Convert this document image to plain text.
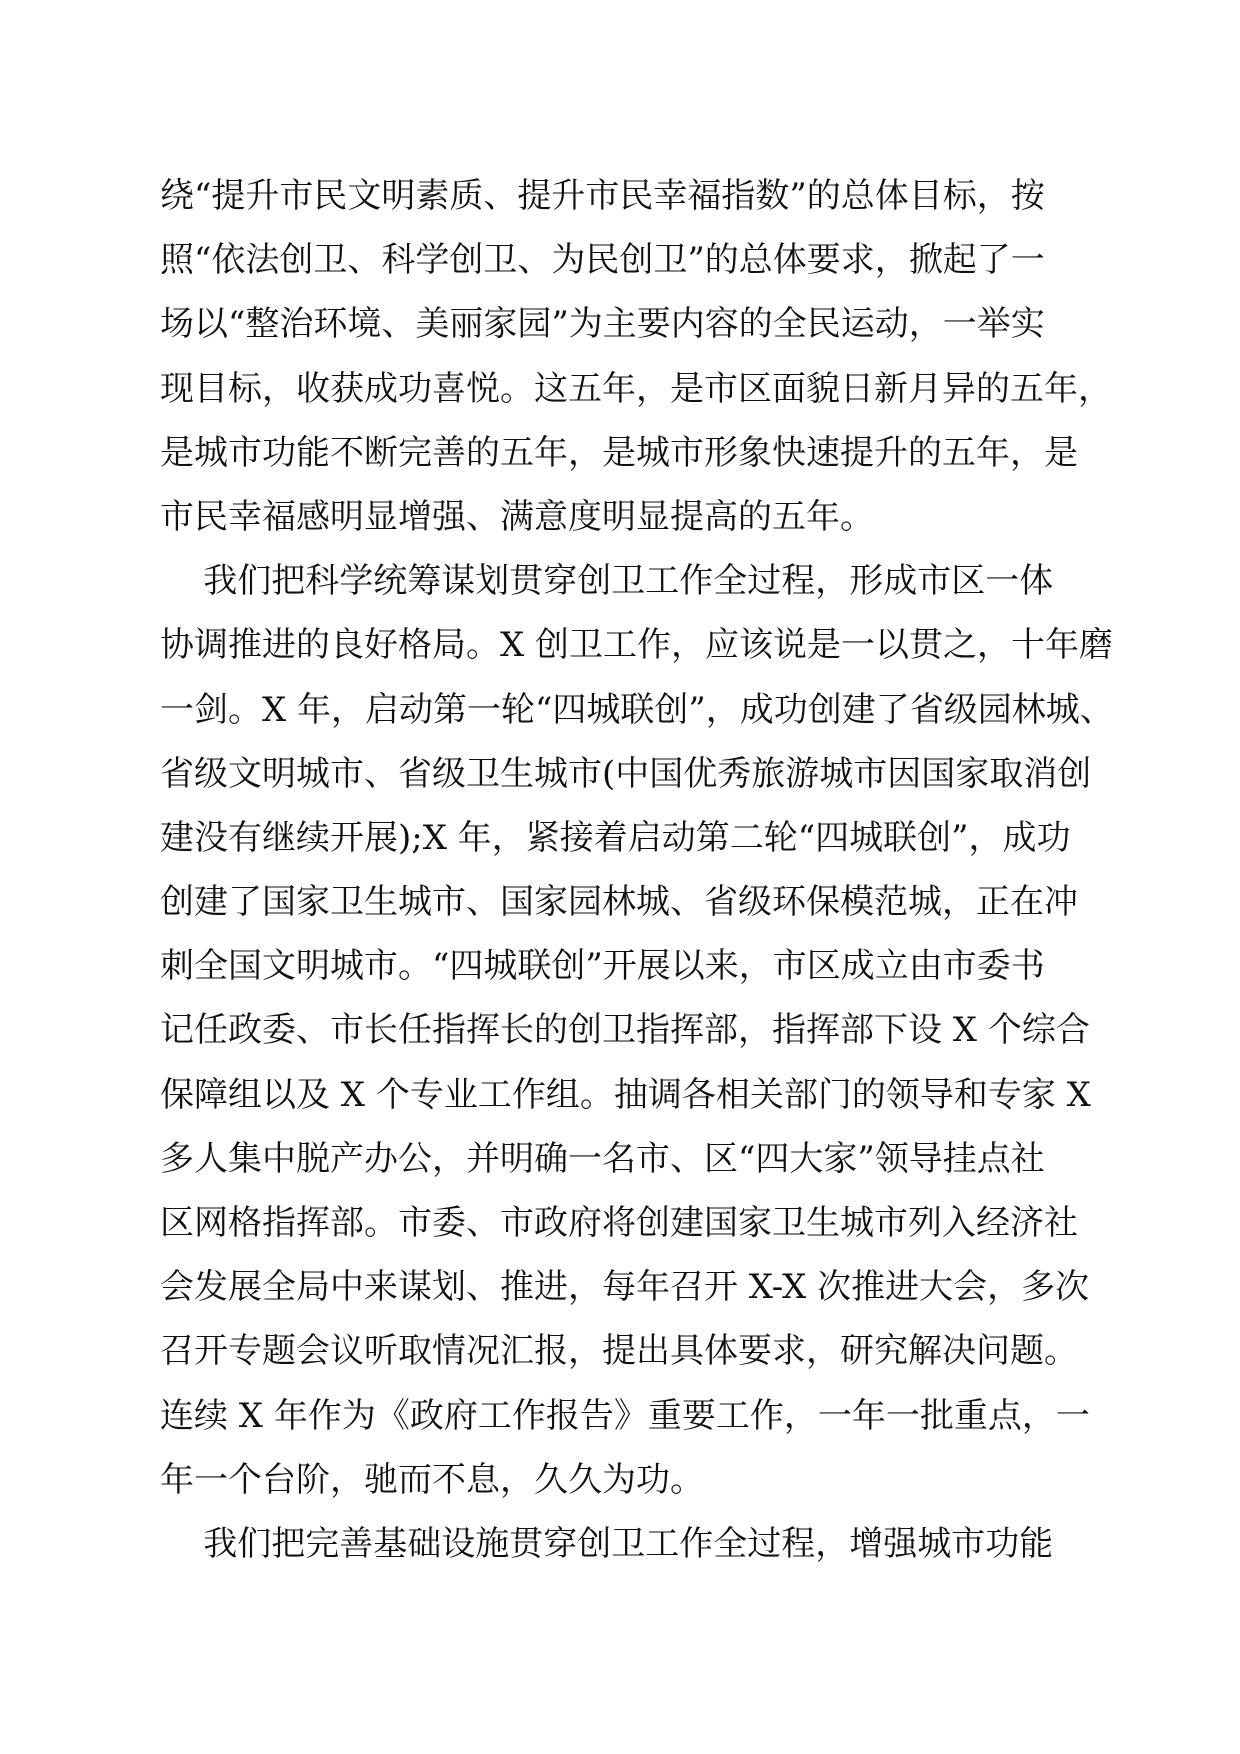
绕“提升市民文明素质、提升市民幸福指数”的总体目标，按
照“依法创卫、科学创卫、为民创卫”的总体要求，掀起了一
场以“整治环境、美丽家园”为主要内容的全民运动，一举实
现目标，收获成功喜悦。这五年，是市区面貌日新月异的五年，
是城市功能不断完善的五年，是城市形象快速提升的五年，是
市民幸福感明显增强、满意度明显提高的五年。
我们把科学统筹谋划贯穿创卫工作全过程，形成市区一体
协调推进的良好格局。X 创卫工作，应该说是一以贯之，十年磨
一剑。X 年，启动第一轮“四城联创”，成功创建了省级园林城、
省级文明城市、省级卫生城市(中国优秀旅游城市因国家取消创
建没有继续开展);X 年，紧接着启动第二轮“四城联创”，成功
创建了国家卫生城市、国家园林城、省级环保模范城，正在冲
刺全国文明城市。“四城联创”开展以来，市区成立由市委书
记任政委、市长任指挥长的创卫指挥部，指挥部下设 X 个综合
保障组以及 X 个专业工作组。抽调各相关部门的领导和专家 X
多人集中脱产办公，并明确一名市、区“四大家”领导挂点社
区网格指挥部。市委、市政府将创建国家卫生城市列入经济社
会发展全局中来谋划、推进，每年召开 X-X 次推进大会，多次
召开专题会议听取情况汇报，提出具体要求，研究解决问题。
连续 X 年作为《政府工作报告》重要工作，一年一批重点，一
年一个台阶，驰而不息，久久为功。
我们把完善基础设施贯穿创卫工作全过程，增强城市功能
